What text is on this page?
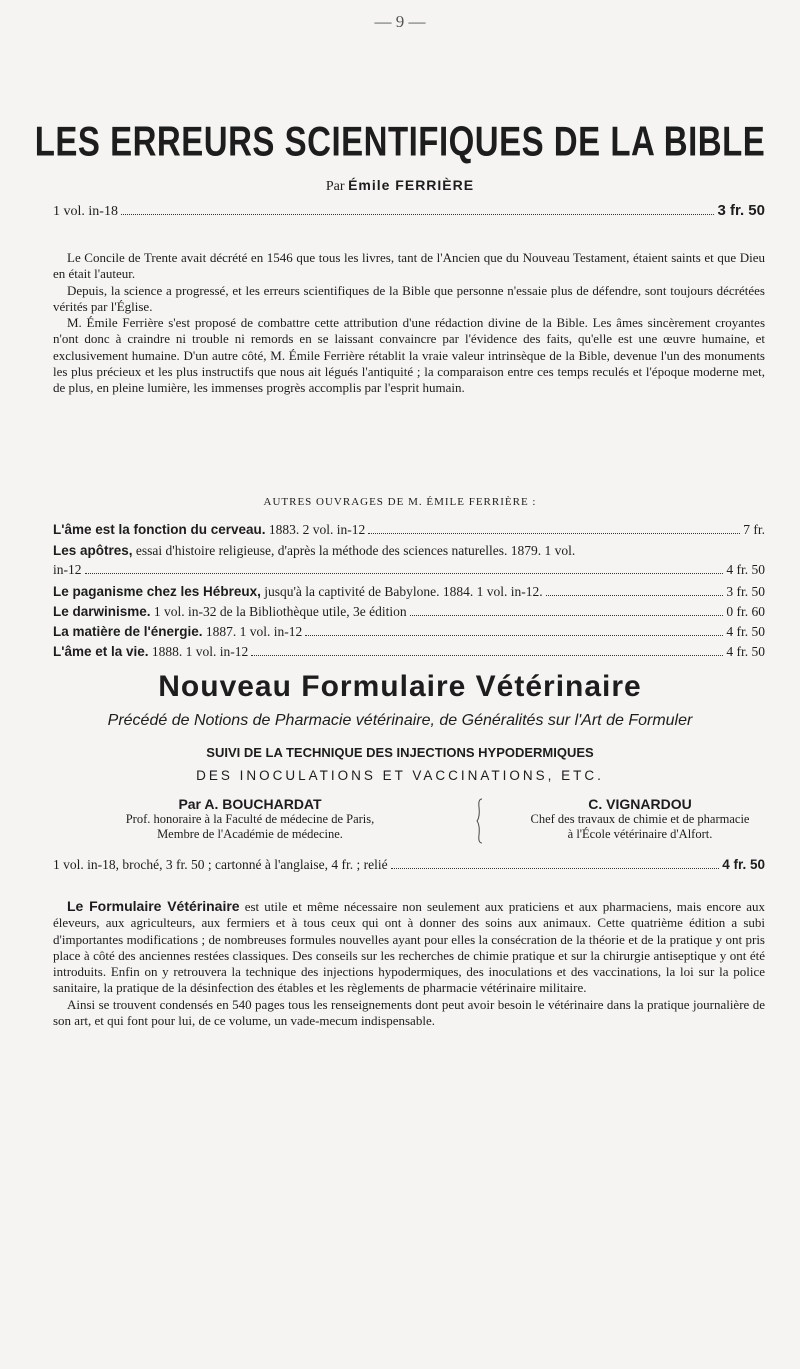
— 9 —
LES ERREURS SCIENTIFIQUES DE LA BIBLE
Par Émile FERRIÈRE
1 vol. in-18	3 fr. 50

Le Concile de Trente avait décrété en 1546 que tous les livres, tant de l'Ancien que du Nouveau Testament, étaient saints et que Dieu en était l'auteur.

Depuis, la science a progressé, et les erreurs scientifiques de la Bible que personne n'essaie plus de défendre, sont toujours décrétées vérités par l'Église.

M. Émile Ferrière s'est proposé de combattre cette attribution d'une rédaction divine de la Bible. Les âmes sincèrement croyantes n'ont donc à craindre ni trouble ni remords en se laissant convaincre par l'évidence des faits, qu'elle est une œuvre humaine, et exclusivement humaine. D'un autre côté, M. Émile Ferrière rétablit la vraie valeur intrinsèque de la Bible, devenue l'un des monuments les plus précieux et les plus instructifs que nous ait légués l'antiquité ; la comparaison entre ces temps reculés et l'époque moderne met, de plus, en pleine lumière, les immenses progrès accomplis par l'esprit humain.

AUTRES OUVRAGES DE M. ÉMILE FERRIÈRE :
L'âme est la fonction du cerveau. 1883. 2 vol. in-12	7 fr.
Les apôtres, essai d'histoire religieuse, d'après la méthode des sciences naturelles. 1879. 1 vol.
in-12	4 fr. 50
Le paganisme chez les Hébreux, jusqu'à la captivité de Babylone. 1884. 1 vol. in-12.	3 fr. 50
Le darwinisme. 1 vol. in-32 de la Bibliothèque utile, 3e édition	0 fr. 60
La matière de l'énergie. 1887. 1 vol. in-12	4 fr. 50
L'âme et la vie. 1888. 1 vol. in-12	4 fr. 50
Nouveau Formulaire Vétérinaire
Précédé de Notions de Pharmacie vétérinaire, de Généralités sur l'Art de Formuler
SUIVI DE LA TECHNIQUE DES INJECTIONS HYPODERMIQUES
DES INOCULATIONS ET VACCINATIONS, ETC.
Par A. BOUCHARDAT
Prof. honoraire à la Faculté de médecine de Paris,
Membre de l'Académie de médecine.
C. VIGNARDOU
Chef des travaux de chimie et de pharmacie
à l'École vétérinaire d'Alfort.
1 vol. in-18, broché, 3 fr. 50 ; cartonné à l'anglaise, 4 fr. ; relié	4 fr. 50

Le Formulaire Vétérinaire est utile et même nécessaire non seulement aux praticiens et aux pharmaciens, mais encore aux éleveurs, aux agriculteurs, aux fermiers et à tous ceux qui ont à donner des soins aux animaux. Cette quatrième édition a subi d'importantes modifications ; de nombreuses formules nouvelles ayant pour elles la consécration de la théorie et de la pratique y ont pris place à côté des anciennes restées classiques. Des conseils sur les recherches de chimie pratique et sur la chirurgie antiseptique y ont été introduits. Enfin on y retrouvera la technique des injections hypodermiques, des inoculations et des vaccinations, la loi sur la police sanitaire, la pratique de la désinfection des étables et les règlements de pharmacie vétérinaire militaire.

Ainsi se trouvent condensés en 540 pages tous les renseignements dont peut avoir besoin le vétérinaire dans la pratique journalière de son art, et qui font pour lui, de ce volume, un vade-mecum indispensable.
